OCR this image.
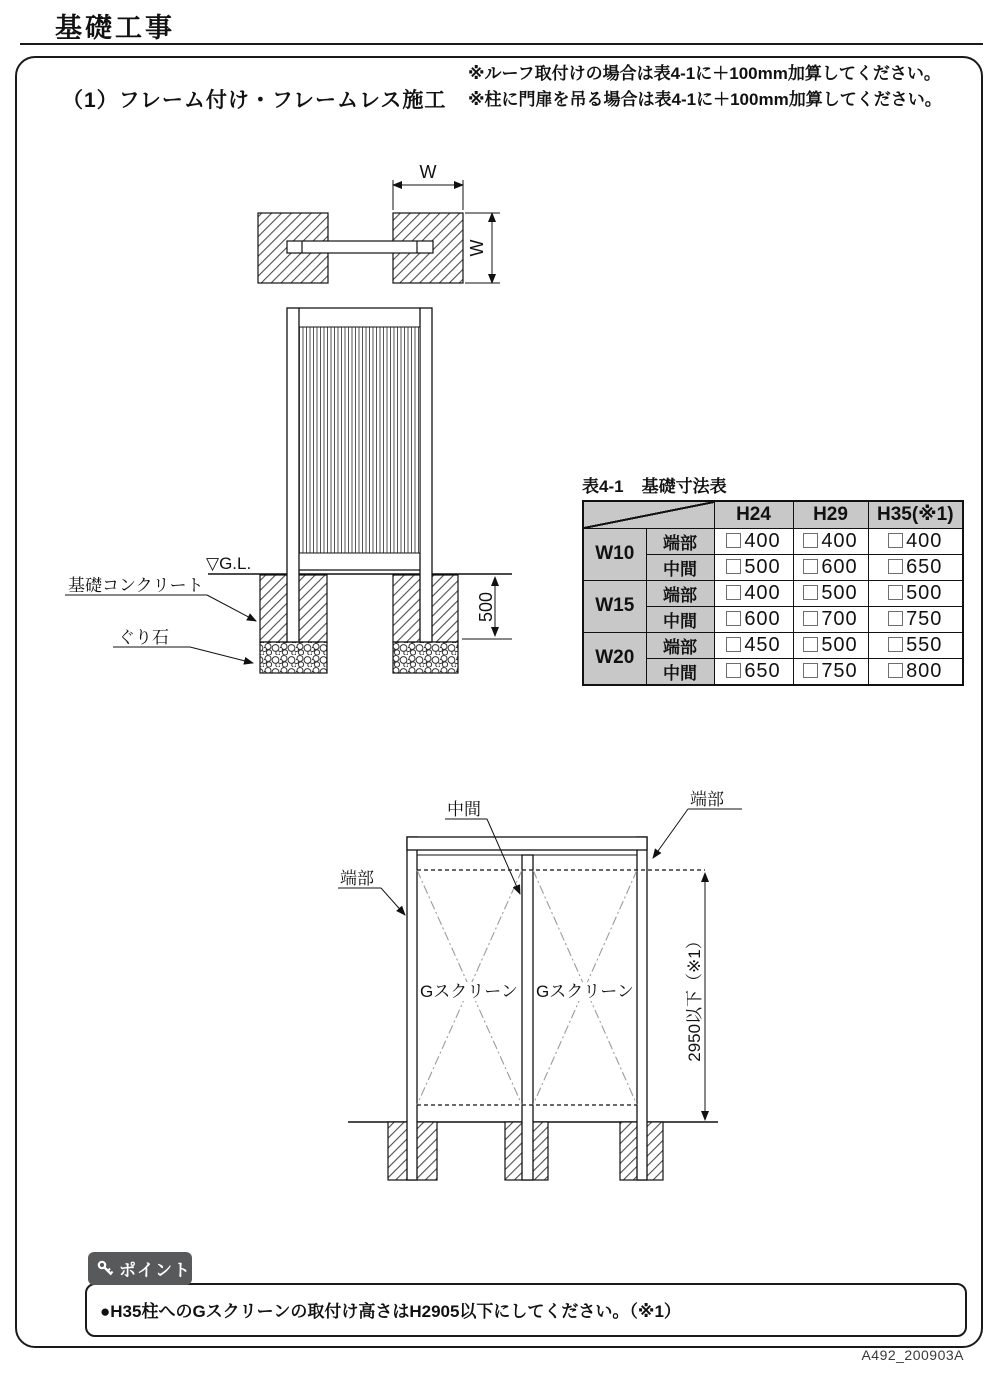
基礎工事
（1）フレーム付け・フレームレス施工
※ルーフ取付けの場合は表4-1に＋100mm加算してください。
※柱に門扉を吊る場合は表4-1に＋100mm加算してください。
W
W
500
▽G.L.
基礎コンクリート
ぐり石
表4-1 基礎寸法表
		H24	H29	H35(※1)
W10	端部	400	400	400
	中間	500	600	650
W15	端部	400	500	500
	中間	600	700	750
W20	端部	450	500	550
	中間	650	750	800
Gスクリーン Gスクリーン	2950以下（※1）
中間
端部
端部
ポイント
●H35柱へのGスクリーンの取付け高さはH2905以下にしてください。（※1）
A492_200903A
